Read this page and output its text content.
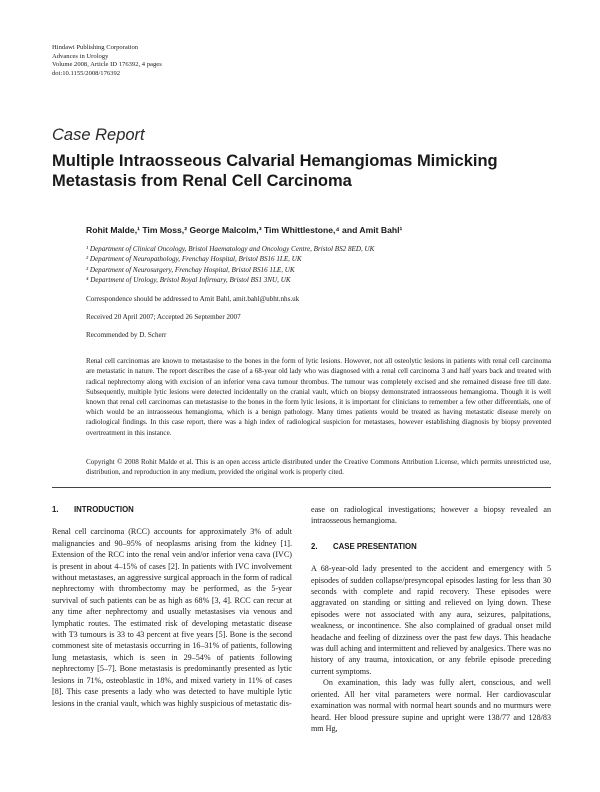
Hindawi Publishing Corporation
Advances in Urology
Volume 2008, Article ID 176392, 4 pages
doi:10.1155/2008/176392
Case Report
Multiple Intraosseous Calvarial Hemangiomas Mimicking
Metastasis from Renal Cell Carcinoma
Rohit Malde,¹ Tim Moss,² George Malcolm,³ Tim Whittlestone,⁴ and Amit Bahl¹
¹ Department of Clinical Oncology, Bristol Haematology and Oncology Centre, Bristol BS2 8ED, UK
² Department of Neuropathology, Frenchay Hospital, Bristol BS16 1LE, UK
³ Department of Neurosurgery, Frenchay Hospital, Bristol BS16 1LE, UK
⁴ Department of Urology, Bristol Royal Infirmary, Bristol BS1 3NU, UK
Correspondence should be addressed to Amit Bahl, amit.bahl@ubht.nhs.uk
Received 20 April 2007; Accepted 26 September 2007
Recommended by D. Scherr

Renal cell carcinomas are known to metastasise to the bones in the form of lytic lesions. However, not all osteolytic lesions in patients with renal cell carcinoma are metastatic in nature. The report describes the case of a 68-year old lady who was diagnosed with a renal cell carcinoma 3 and half years back and treated with radical nephrectomy along with excision of an inferior vena cava tumour thrombus. The tumour was completely excised and she remained disease free till date. Subsequently, multiple lytic lesions were detected incidentally on the cranial vault, which on biopsy demonstrated intraosseous hemangioma. Though it is well known that renal cell carcinomas can metastasise to the bones in the form lytic lesions, it is important for clinicians to remember a few other differentials, one of which would be an intraosseous hemangioma, which is a benign pathology. Many times patients would be treated as having metastatic disease merely on radiological findings. In this case report, there was a high index of radiological suspicion for metastases, however establishing diagnosis by biopsy prevented overtreatment in this instance.

Copyright © 2008 Rohit Malde et al. This is an open access article distributed under the Creative Commons Attribution License, which permits unrestricted use, distribution, and reproduction in any medium, provided the original work is properly cited.

1. INTRODUCTION

Renal cell carcinoma (RCC) accounts for approximately 3% of adult malignancies and 90–95% of neoplasms arising from the kidney [1]. Extension of the RCC into the renal vein and/or inferior vena cava (IVC) is present in about 4–15% of cases [2]. In patients with IVC involvement without metastases, an aggressive surgical approach in the form of radical nephrectomy with thrombectomy may be performed, as the 5-year survival of such patients can be as high as 68% [3, 4]. RCC can recur at any time after nephrectomy and usually metastasises via venous and lymphatic routes. The estimated risk of developing metastatic disease with T3 tumours is 33 to 43 percent at five years [5]. Bone is the second commonest site of metastasis occurring in 16–31% of patients, following lung metastasis, which is seen in 29–54% of patients following nephrectomy [5–7]. Bone metastasis is predominantly presented as lytic lesions in 71%, osteoblastic in 18%, and mixed variety in 11% of cases [8]. This case presents a lady who was detected to have multiple lytic lesions in the cranial vault, which was highly suspicious of metastatic dis-

ease on radiological investigations; however a biopsy revealed an intraosseous hemangioma.

2. CASE PRESENTATION

A 68-year-old lady presented to the accident and emergency with 5 episodes of sudden collapse/presyncopal episodes lasting for less than 30 seconds with complete and rapid recovery. These episodes were aggravated on standing or sitting and relieved on lying down. These episodes were not associated with any aura, seizures, palpitations, weakness, or incontinence. She also complained of gradual onset mild headache and feeling of dizziness over the past few days. This headache was dull aching and intermittent and relieved by analgesics. There was no history of any trauma, intoxication, or any febrile episode preceding current symptoms.

On examination, this lady was fully alert, conscious, and well oriented. All her vital parameters were normal. Her cardiovascular examination was normal with normal heart sounds and no murmurs were heard. Her blood pressure supine and upright were 138/77 and 128/83 mm Hg,
